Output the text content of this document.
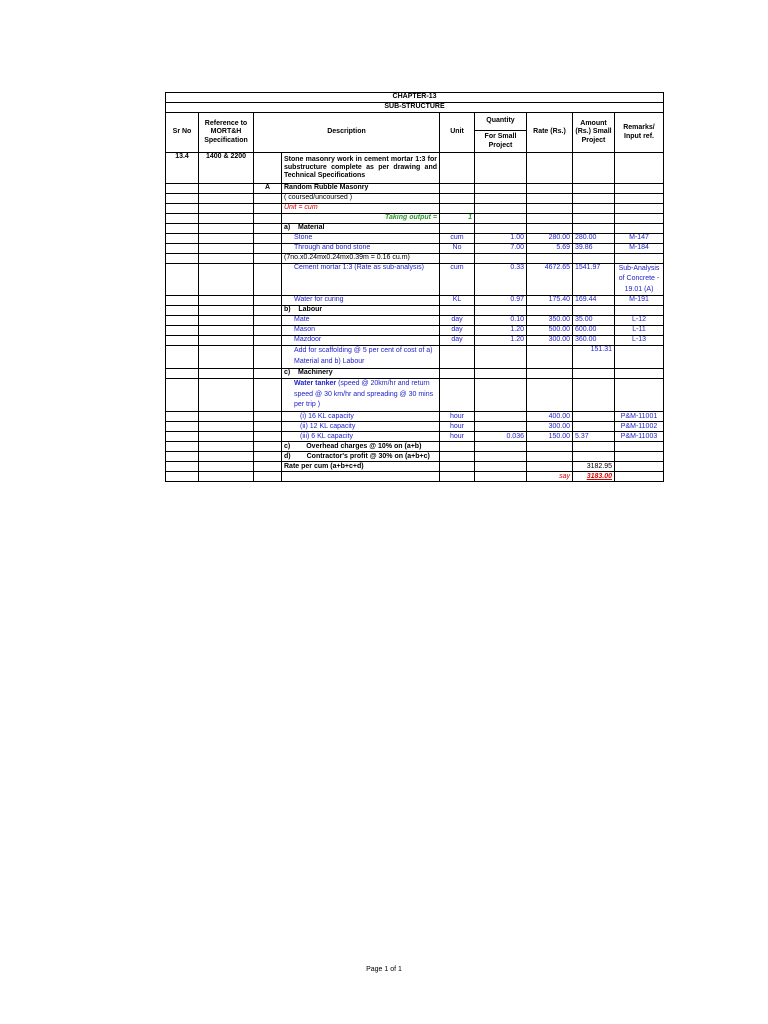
CHAPTER-13								
SUB-STRUCTURE								
Sr No	Reference to MORT&H Specification	Description		Unit	Quantity	Rate (Rs.)	Amount (Rs.) Small Project	Remarks/ Input ref.
					For Small Project			
13.4	1400 & 2200		Stone masonry work in cement mortar 1:3 for substructure complete as per drawing and Technical Specifications					
		A	Random Rubble Masonry					
			( coursed/uncoursed )					
			Unit = cum					
			Taking output =	1				
			a)    Material					
			Stone	cum	1.00	280.00	280.00	M-147
			Through and bond stone	No	7.00	5.69	39.86	M-184
			(7no.x0.24mx0.24mx0.39m = 0.16 cu.m)					
			Cement mortar 1:3 (Rate as sub-analysis)	cum	0.33	4672.65	1541.97	Sub-Analysis of Concrete - 19.01 (A)
			Water for curing	KL	0.97	175.40	169.44	M-191
			b)    Labour					
			Mate	day	0.10	350.00	35.00	L-12
			Mason	day	1.20	500.00	600.00	L-11
			Mazdoor	day	1.20	300.00	360.00	L-13
			Add for scaffolding @ 5 per cent of cost of a) Material and b) Labour				151.31	
			c)    Machinery					
			Water tanker (speed @ 20km/hr and return speed @ 30 km/hr and spreading @ 30 mins per trip )					
			(i) 16 KL capacity	hour		400.00		P&M-11001
			(ii) 12 KL capacity	hour		300.00		P&M-11002
			(iii) 6 KL capacity	hour	0.036	150.00	5.37	P&M-11003
			c) Overhead charges @ 10% on (a+b)					
			d) Contractor's profit @ 30% on (a+b+c)					
			Rate per cum (a+b+c+d)				3182.95	
						say	3183.00	
Page 1 of 1
